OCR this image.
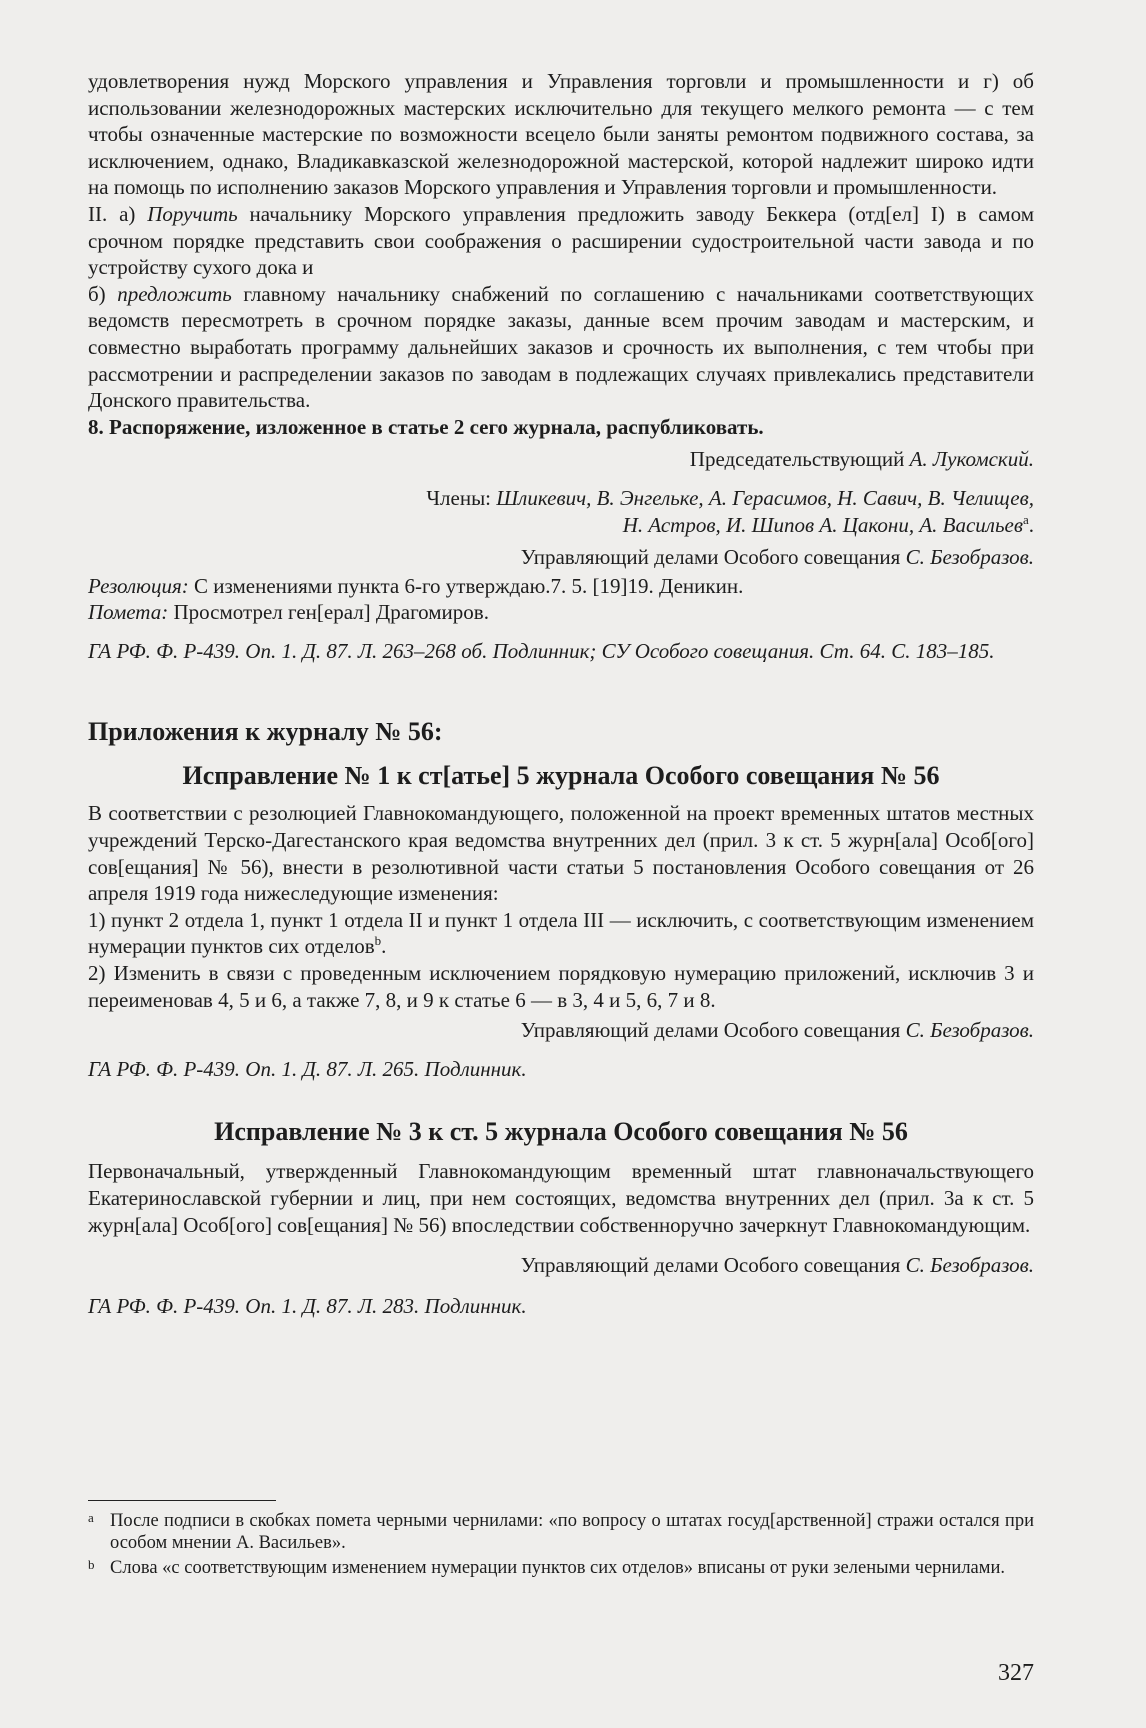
удовлетворения нужд Морского управления и Управления торговли и промышленности и г) об использовании железнодорожных мастерских исключительно для текущего мелкого ремонта — с тем чтобы означенные мастерские по возможности всецело были заняты ремонтом подвижного состава, за исключением, однако, Владикавказской железнодорожной мастерской, которой надлежит широко идти на помощь по исполнению заказов Морского управления и Управления торговли и промышленности.

II. а) Поручить начальнику Морского управления предложить заводу Беккера (отд[ел] I) в самом срочном порядке представить свои соображения о расширении судостроительной части завода и по устройству сухого дока и

б) предложить главному начальнику снабжений по соглашению с начальниками соответствующих ведомств пересмотреть в срочном порядке заказы, данные всем прочим заводам и мастерским, и совместно выработать программу дальнейших заказов и срочность их выполнения, с тем чтобы при рассмотрении и распределении заказов по заводам в подлежащих случаях привлекались представители Донского правительства.

8. Распоряжение, изложенное в статье 2 сего журнала, распубликовать.

Председательствующий А. Лукомский.

Члены: Шликевич, В. Энгельке, А. Герасимов, Н. Савич, В. Челищев,

Н. Астров, И. Шипов А. Цакони, А. Васильев$^a$.

Управляющий делами Особого совещания С. Безобразов.

Резолюция: С изменениями пункта 6-го утверждаю.7. 5. [19]19. Деникин.

Помета: Просмотрел ген[ерал] Драгомиров.

ГА РФ. Ф. Р-439. Оп. 1. Д. 87. Л. 263–268 об. Подлинник; СУ Особого совещания. Ст. 64. С. 183–185.

Приложения к журналу № 56:
Исправление № 1 к ст[атье] 5 журнала Особого совещания № 56

В соответствии с резолюцией Главнокомандующего, положенной на проект временных штатов местных учреждений Терско-Дагестанского края ведомства внутренних дел (прил. 3 к ст. 5 журн[ала] Особ[ого] сов[ещания] № 56), внести в резолютивной части статьи 5 постановления Особого совещания от 26 апреля 1919 года нижеследующие изменения:

1) пункт 2 отдела 1, пункт 1 отдела II и пункт 1 отдела III — исключить, с соответствующим изменением нумерации пунктов сих отделов$^b$.

2) Изменить в связи с проведенным исключением порядковую нумерацию приложений, исключив 3 и переименовав 4, 5 и 6, а также 7, 8, и 9 к статье 6 — в 3, 4 и 5, 6, 7 и 8.

Управляющий делами Особого совещания С. Безобразов.

ГА РФ. Ф. Р-439. Оп. 1. Д. 87. Л. 265. Подлинник.

Исправление № 3 к ст. 5 журнала Особого совещания № 56

Первоначальный, утвержденный Главнокомандующим временный штат главноначальствующего Екатеринославской губернии и лиц, при нем состоящих, ведомства внутренних дел (прил. 3а к ст. 5 журн[ала] Особ[ого] сов[ещания] № 56) впоследствии собственноручно зачеркнут Главнокомандующим.

Управляющий делами Особого совещания С. Безобразов.

ГА РФ. Ф. Р-439. Оп. 1. Д. 87. Л. 283. Подлинник.

a После подписи в скобках помета черными чернилами: «по вопросу о штатах госуд[арственной] стражи остался при особом мнении А. Васильев».
b Слова «с соответствующим изменением нумерации пунктов сих отделов» вписаны от руки зелеными чернилами.
327
